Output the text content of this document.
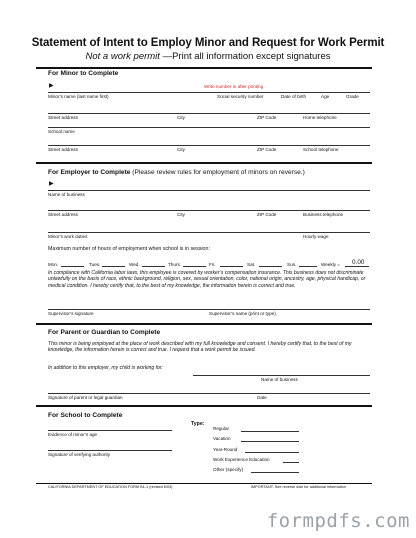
Statement of Intent to Employ Minor and Request for Work Permit
Not a work permit —Print all information except signatures
For Minor to Complete
▶	Write number in after printing
Minor’s name (last name first)	Social security number	Date of birth	Age	Grade
Street address	City	ZIP Code	Home telephone
School name
Street address	City	ZIP Code	School telephone
For Employer to Complete (Please review rules for employment of minors on reverse.)
▶
Name of business
Street address	City	ZIP Code	Business telephone
Minor’s work duties	Hourly wage
Maximum number of hours of employment when school is in session:
Mon.	Tues.	Wed.	Thurs.	Fri.	Sat.	Sun.	Weekly = 0.00
In compliance with California labor laws, this employee is covered by worker’s compensation insurance. This business does not discriminate unlawfully on the basis of race, ethnic background, religion, sex, sexual orientation, color, national origin, ancestry, age, physical handicap, or medical condition. I hereby certify that, to the best of my knowledge, the information herein is correct and true.
Supervisor’s signature	Supervisor’s name (print or type)
For Parent or Guardian to Complete
This minor is being employed at the place of work described with my full knowledge and consent. I hereby certify that, to the best of my knowledge, the information herein is correct and true. I request that a work permit be issued.
In addition to this employer, my child is working for:
Name of business
Signature of parent or legal guardian	Date
For School to Complete
Evidence of minor’s age
Signature of verifying authority
Type:
Regular
Vacation
Year-Round
Work Experience Education
Other (specify)
CALIFORNIA DEPARTMENT OF EDUCATION FORM B1-1 (revised 6/03)	IMPORTANT: See reverse side for additional information
formpdfs.com
